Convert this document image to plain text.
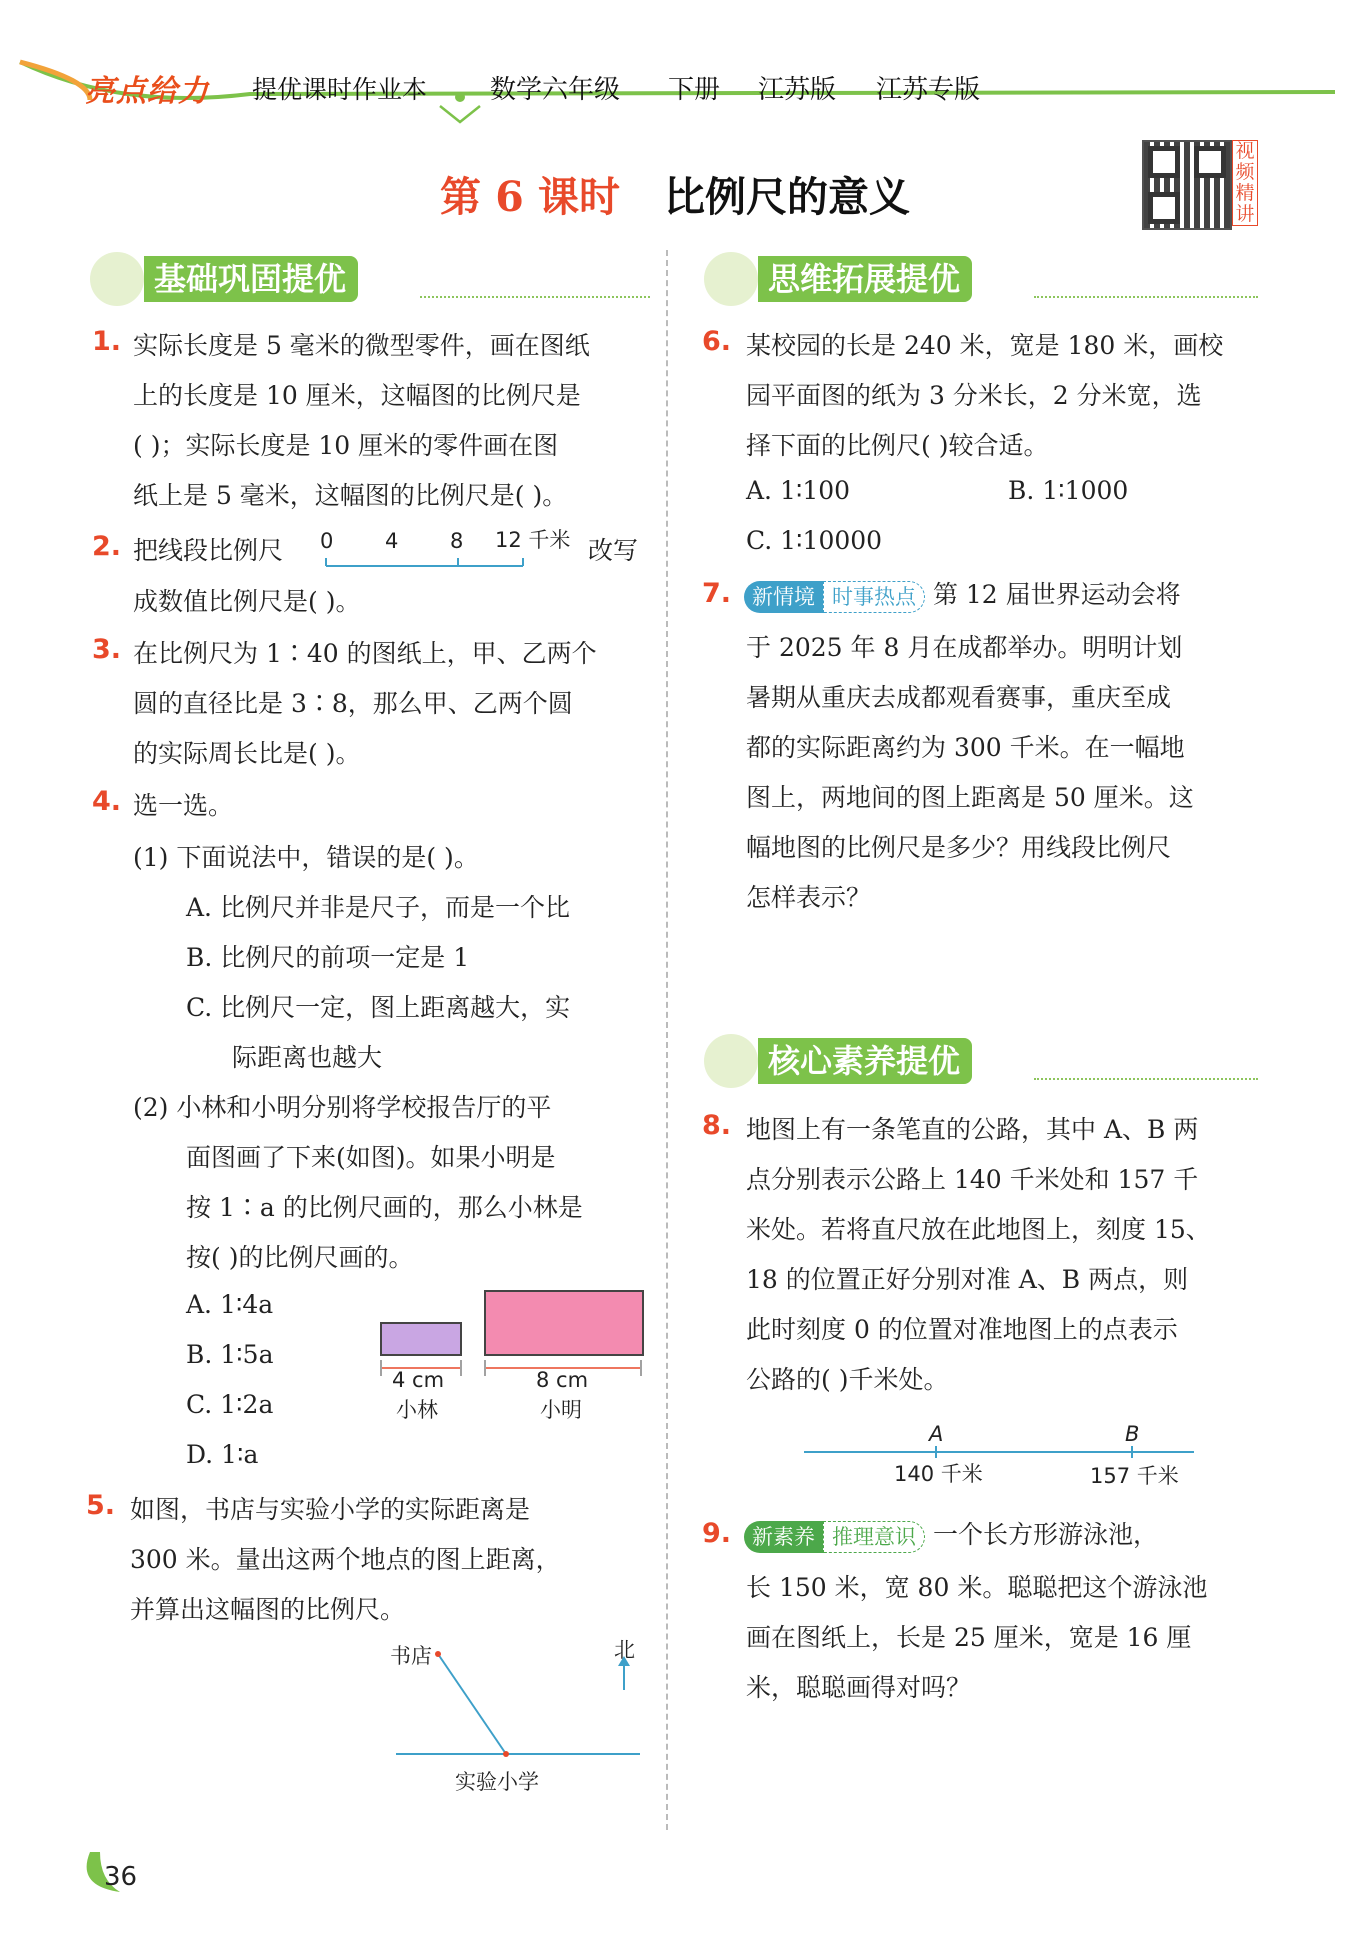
亮点给力 提优课时作业本 数学六年级 下册 江苏版 江苏专版
视频精讲
第 6 课时 比例尺的意义
基础巩固提优
1. 实际长度是 5 毫米的微型零件，画在图纸
上的长度是 10 厘米，这幅图的比例尺是
( )；实际长度是 10 厘米的零件画在图
纸上是 5 毫米，这幅图的比例尺是( )。
2. 把线段比例尺 0 4 8 12 千米 改写
成数值比例尺是( )。
3. 在比例尺为 1∶40 的图纸上，甲、乙两个
圆的直径比是 3∶8，那么甲、乙两个圆
的实际周长比是( )。
4. 选一选。
(1) 下面说法中，错误的是( )。
A. 比例尺并非是尺子，而是一个比
B. 比例尺的前项一定是 1
C. 比例尺一定，图上距离越大，实
际距离也越大
(2) 小林和小明分别将学校报告厅的平
面图画了下来(如图)。如果小明是
按 1∶a 的比例尺画的，那么小林是
按( )的比例尺画的。
A. 1∶4a
B. 1∶5a
C. 1∶2a
D. 1∶a
4 cm
小林
8 cm
小明
5. 如图，书店与实验小学的实际距离是
300 米。量出这两个地点的图上距离，
并算出这幅图的比例尺。
书店
实验小学
北
思维拓展提优
6. 某校园的长是 240 米，宽是 180 米，画校
园平面图的纸为 3 分米长，2 分米宽，选
择下面的比例尺( )较合适。
A. 1∶100	B. 1∶1000
C. 1∶10000
7. 新情境 时事热点 第 12 届世界运动会将
于 2025 年 8 月在成都举办。明明计划
暑期从重庆去成都观看赛事，重庆至成
都的实际距离约为 300 千米。在一幅地
图上，两地间的图上距离是 50 厘米。这
幅地图的比例尺是多少？用线段比例尺
怎样表示？
核心素养提优
8. 地图上有一条笔直的公路，其中 A、B 两
点分别表示公路上 140 千米处和 157 千
米处。若将直尺放在此地图上，刻度 15、
18 的位置正好分别对准 A、B 两点，则
此时刻度 0 的位置对准地图上的点表示
公路的( )千米处。
A	B
140 千米	157 千米
9. 新素养 推理意识 一个长方形游泳池，
长 150 米，宽 80 米。聪聪把这个游泳池
画在图纸上，长是 25 厘米，宽是 16 厘
米，聪聪画得对吗？
36
